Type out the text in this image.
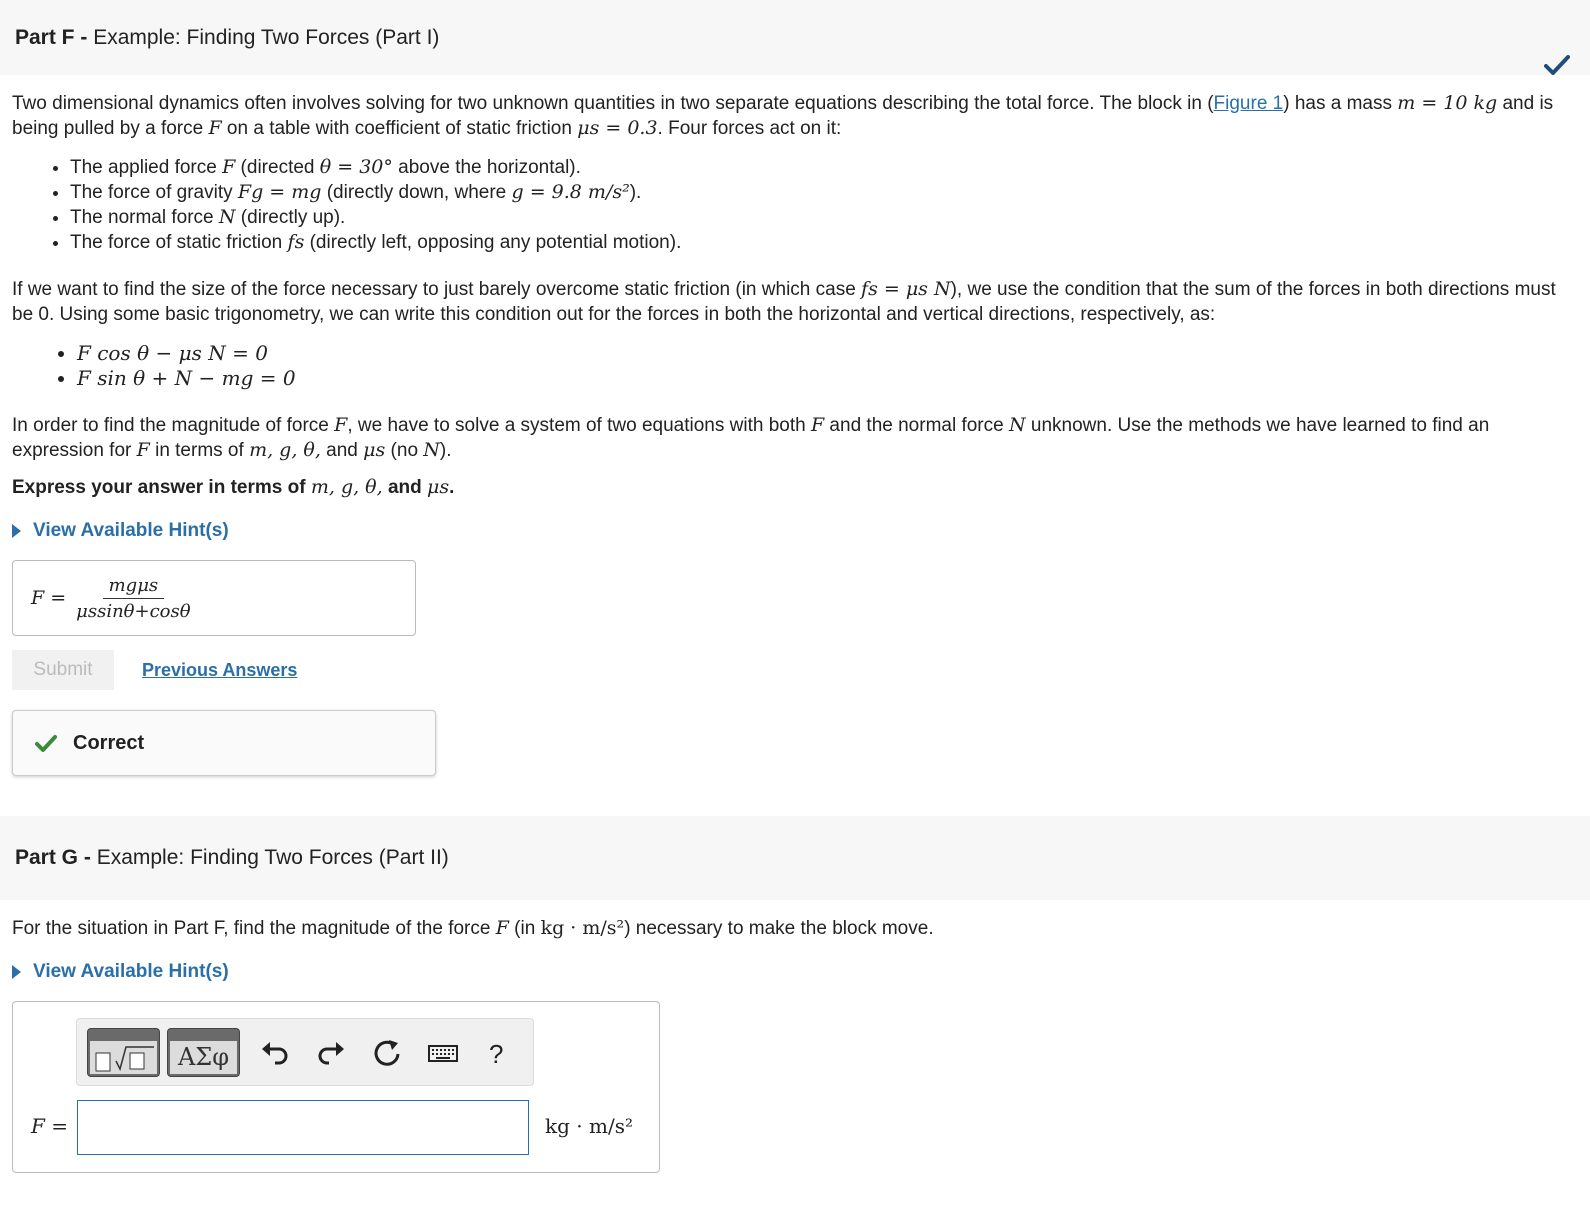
Part F - Example: Finding Two Forces (Part I)

Two dimensional dynamics often involves solving for two unknown quantities in two separate equations describing the total force. The block in (Figure 1) has a mass m = 10 kg and is being pulled by a force F on a table with coefficient of static friction μs = 0.3. Four forces act on it:

• The applied force F (directed θ = 30° above the horizontal).
• The force of gravity Fg = mg (directly down, where g = 9.8 m/s²).
• The normal force N (directly up).
• The force of static friction fs (directly left, opposing any potential motion).

If we want to find the size of the force necessary to just barely overcome static friction (in which case fs = μs N), we use the condition that the sum of the forces in both directions must be 0. Using some basic trigonometry, we can write this condition out for the forces in both the horizontal and vertical directions, respectively, as:

• F cos θ − μs N = 0
• F sin θ + N − mg = 0

In order to find the magnitude of force F, we have to solve a system of two equations with both F and the normal force N unknown. Use the methods we have learned to find an expression for F in terms of m, g, θ, and μs (no N).

Express your answer in terms of m, g, θ, and μs.

View Available Hint(s)
$F = \frac{\text{mgμs}}{\mu ssin\theta+\cos\theta}$
Submit	Previous Answers
Correct
Part G - Example: Finding Two Forces (Part II)

For the situation in Part F, find the magnitude of the force F (in kg · m/s²) necessary to make the block move.

View Available Hint(s)
ΑΣφ	?
F =	kg · m/s²
